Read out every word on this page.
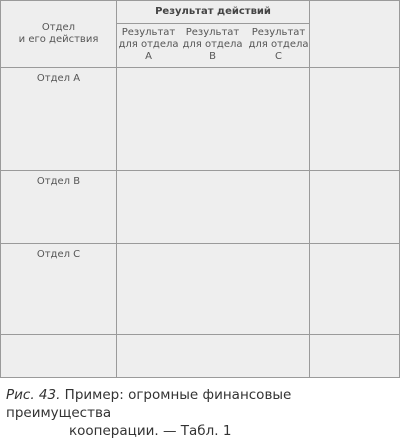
Отдел
и его действия
Результат действий
Результат
для отдела
A
Результат
для отдела
B
Результат
для отдела
C
Отдел A
Отдел B
Отдел C
Рис. 43. Пример: огромные финансовые преимущества
кооперации. — Табл. 1
